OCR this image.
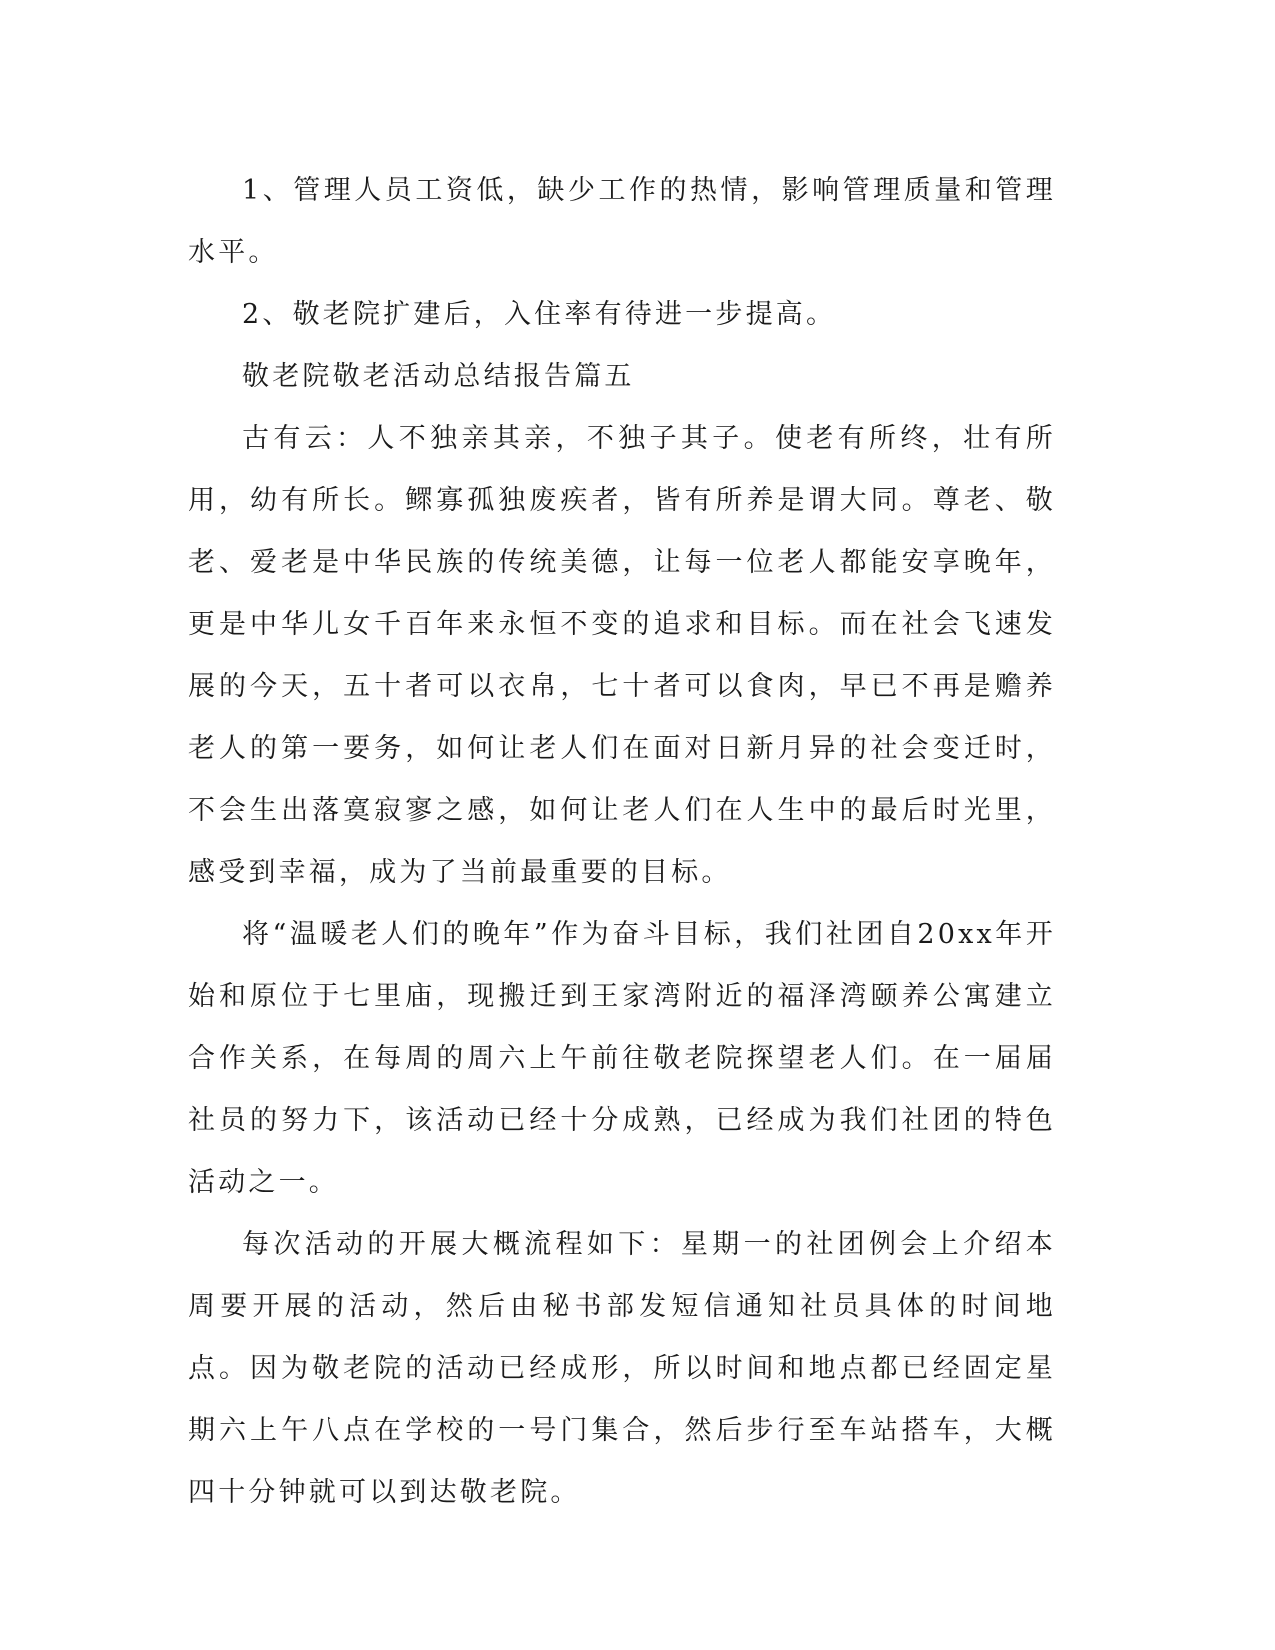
1、管理人员工资低，缺少工作的热情，影响管理质量和管理水平。

2、敬老院扩建后，入住率有待进一步提高。

敬老院敬老活动总结报告篇五

古有云：人不独亲其亲，不独子其子。使老有所终，壮有所用，幼有所长。鳏寡孤独废疾者，皆有所养是谓大同。尊老、敬老、爱老是中华民族的传统美德，让每一位老人都能安享晚年，更是中华儿女千百年来永恒不变的追求和目标。而在社会飞速发展的今天，五十者可以衣帛，七十者可以食肉，早已不再是赡养老人的第一要务，如何让老人们在面对日新月异的社会变迁时，不会生出落寞寂寥之感，如何让老人们在人生中的最后时光里，感受到幸福，成为了当前最重要的目标。

将“温暖老人们的晚年”作为奋斗目标，我们社团自20xx年开始和原位于七里庙，现搬迁到王家湾附近的福泽湾颐养公寓建立合作关系，在每周的周六上午前往敬老院探望老人们。在一届届社员的努力下，该活动已经十分成熟，已经成为我们社团的特色活动之一。

每次活动的开展大概流程如下：星期一的社团例会上介绍本周要开展的活动，然后由秘书部发短信通知社员具体的时间地点。因为敬老院的活动已经成形，所以时间和地点都已经固定星期六上午八点在学校的一号门集合，然后步行至车站搭车，大概四十分钟就可以到达敬老院。
